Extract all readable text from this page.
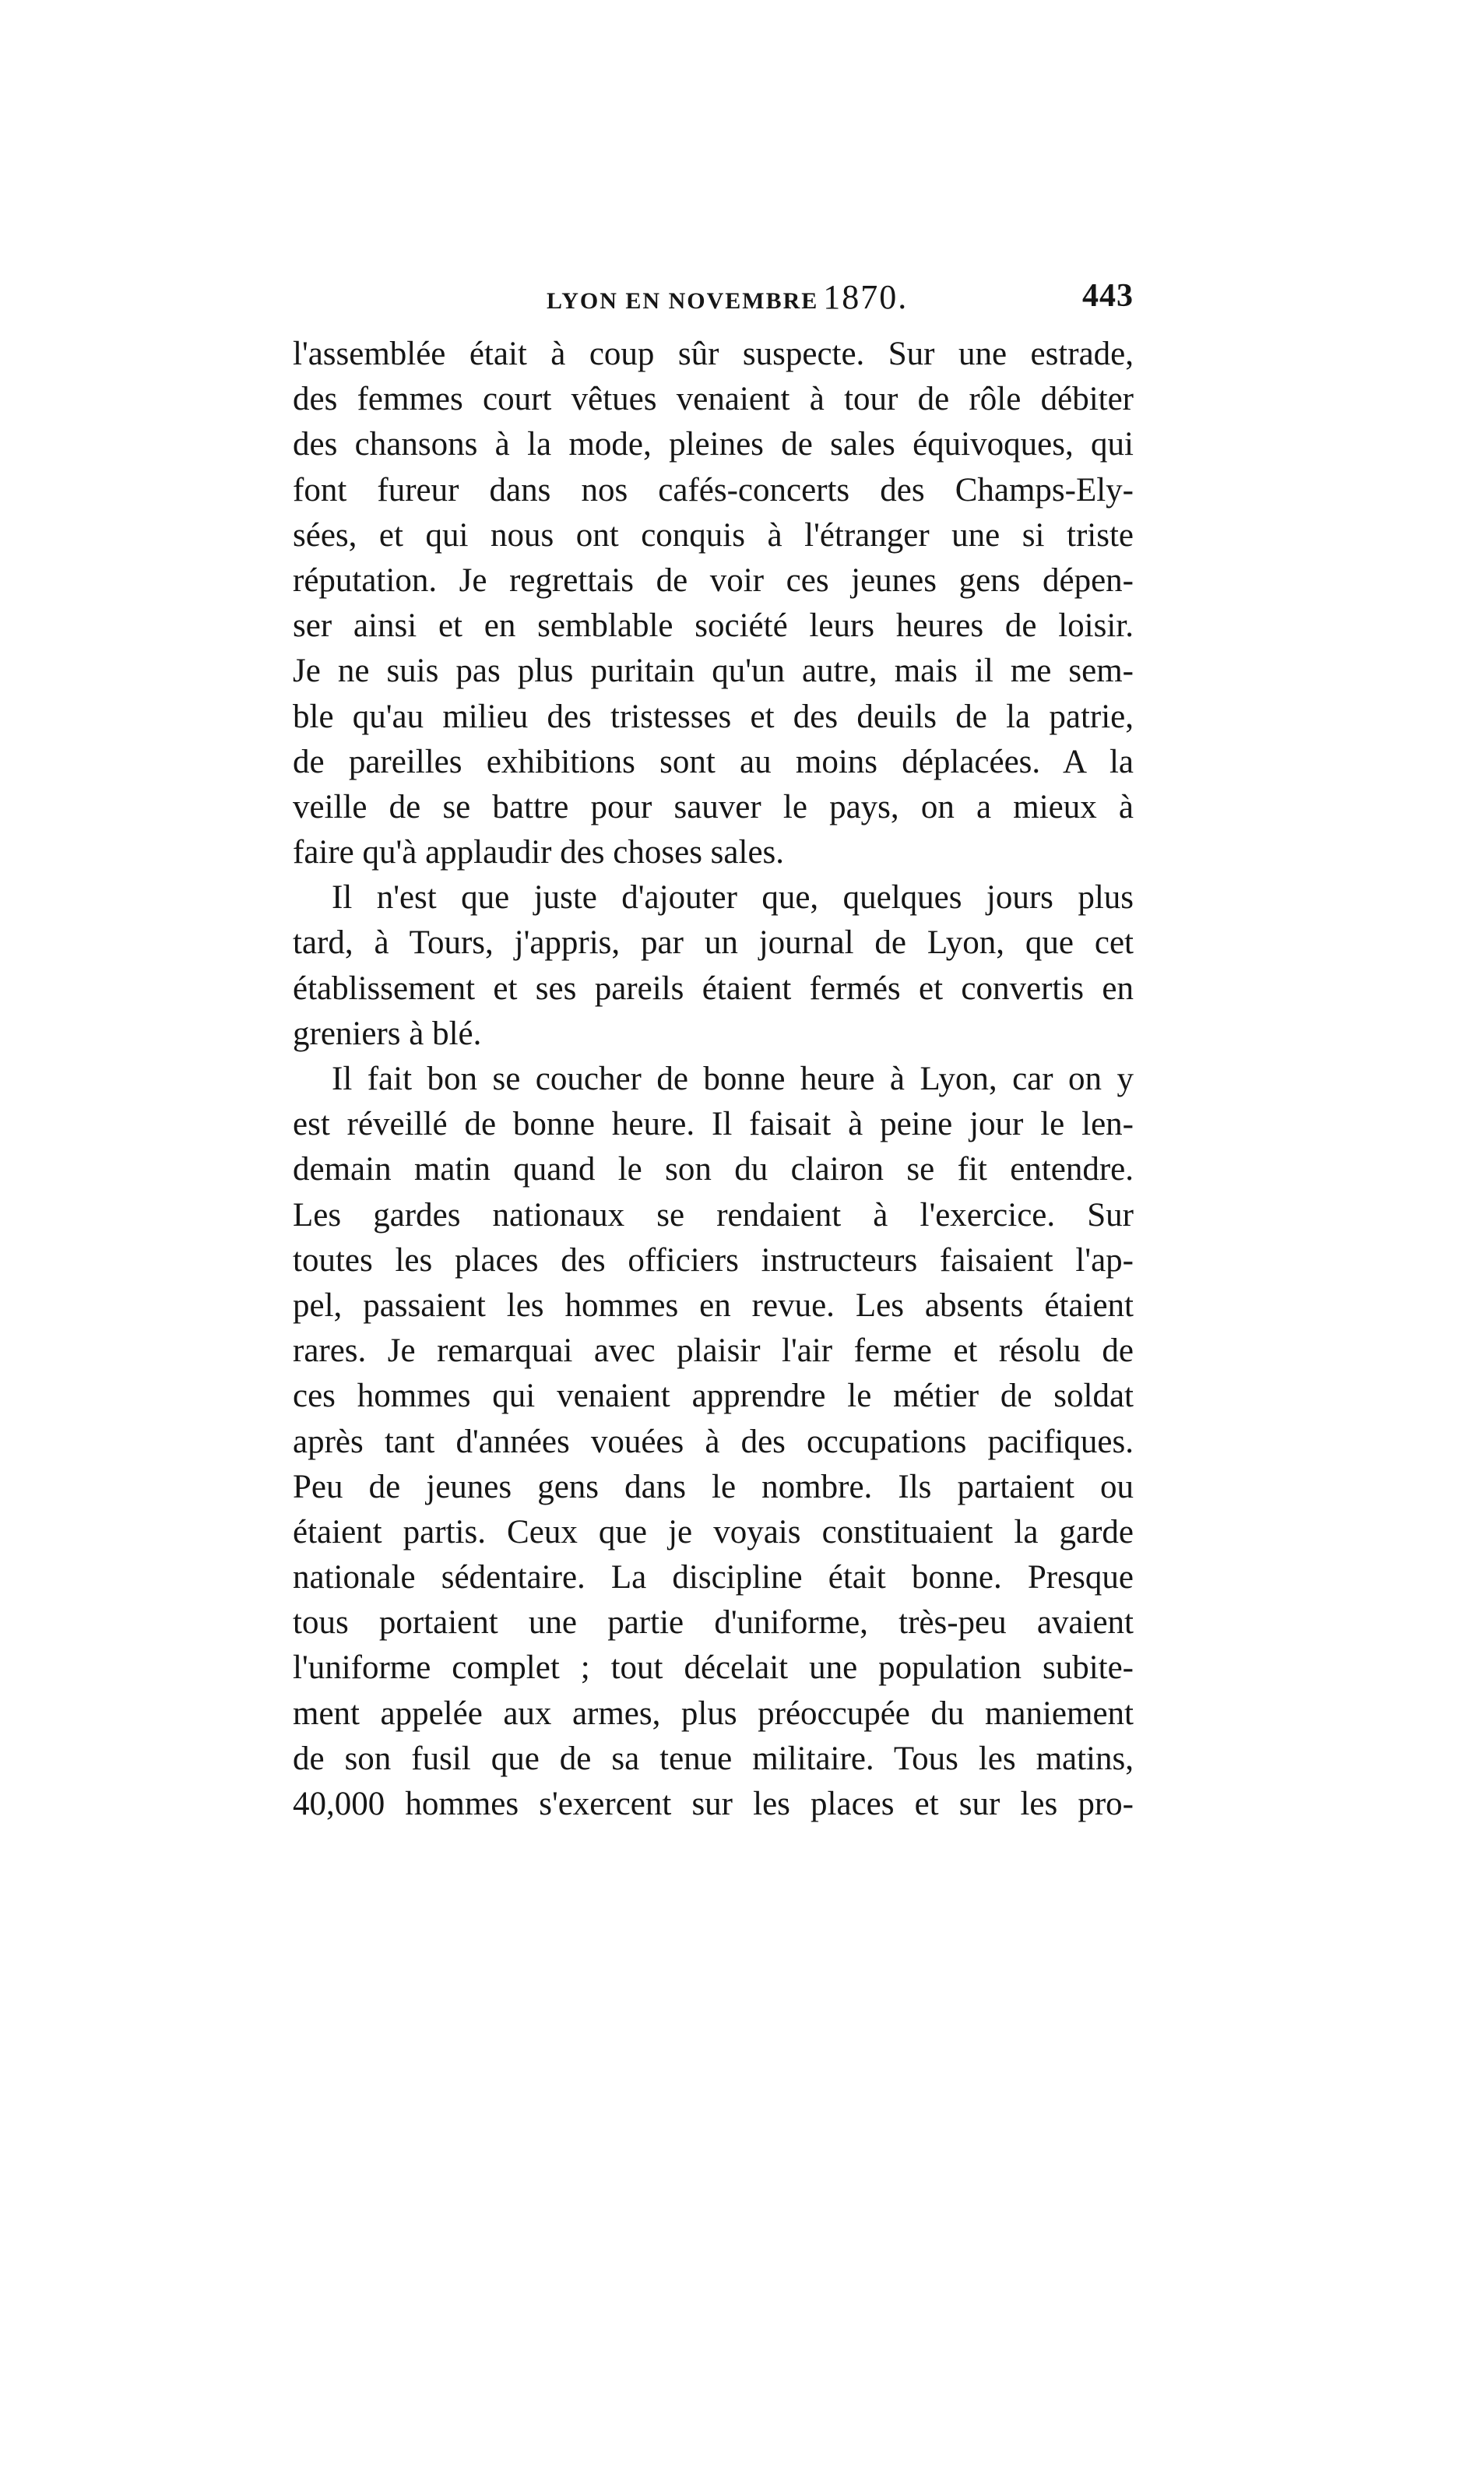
LYON EN NOVEMBRE 1870.	443
l'assemblée était à coup sûr suspecte. Sur une estrade,
des femmes court vêtues venaient à tour de rôle débiter
des chansons à la mode, pleines de sales équivoques, qui
font fureur dans nos cafés-concerts des Champs-Ely-
sées, et qui nous ont conquis à l'étranger une si triste
réputation. Je regrettais de voir ces jeunes gens dépen-
ser ainsi et en semblable société leurs heures de loisir.
Je ne suis pas plus puritain qu'un autre, mais il me sem-
ble qu'au milieu des tristesses et des deuils de la patrie,
de pareilles exhibitions sont au moins déplacées. A la
veille de se battre pour sauver le pays, on a mieux à
faire qu'à applaudir des choses sales.
Il n'est que juste d'ajouter que, quelques jours plus
tard, à Tours, j'appris, par un journal de Lyon, que cet
établissement et ses pareils étaient fermés et convertis en
greniers à blé.
Il fait bon se coucher de bonne heure à Lyon, car on y
est réveillé de bonne heure. Il faisait à peine jour le len-
demain matin quand le son du clairon se fit entendre.
Les gardes nationaux se rendaient à l'exercice. Sur
toutes les places des officiers instructeurs faisaient l'ap-
pel, passaient les hommes en revue. Les absents étaient
rares. Je remarquai avec plaisir l'air ferme et résolu de
ces hommes qui venaient apprendre le métier de soldat
après tant d'années vouées à des occupations pacifiques.
Peu de jeunes gens dans le nombre. Ils partaient ou
étaient partis. Ceux que je voyais constituaient la garde
nationale sédentaire. La discipline était bonne. Presque
tous portaient une partie d'uniforme, très-peu avaient
l'uniforme complet ; tout décelait une population subite-
ment appelée aux armes, plus préoccupée du maniement
de son fusil que de sa tenue militaire. Tous les matins,
40,000 hommes s'exercent sur les places et sur les pro-
